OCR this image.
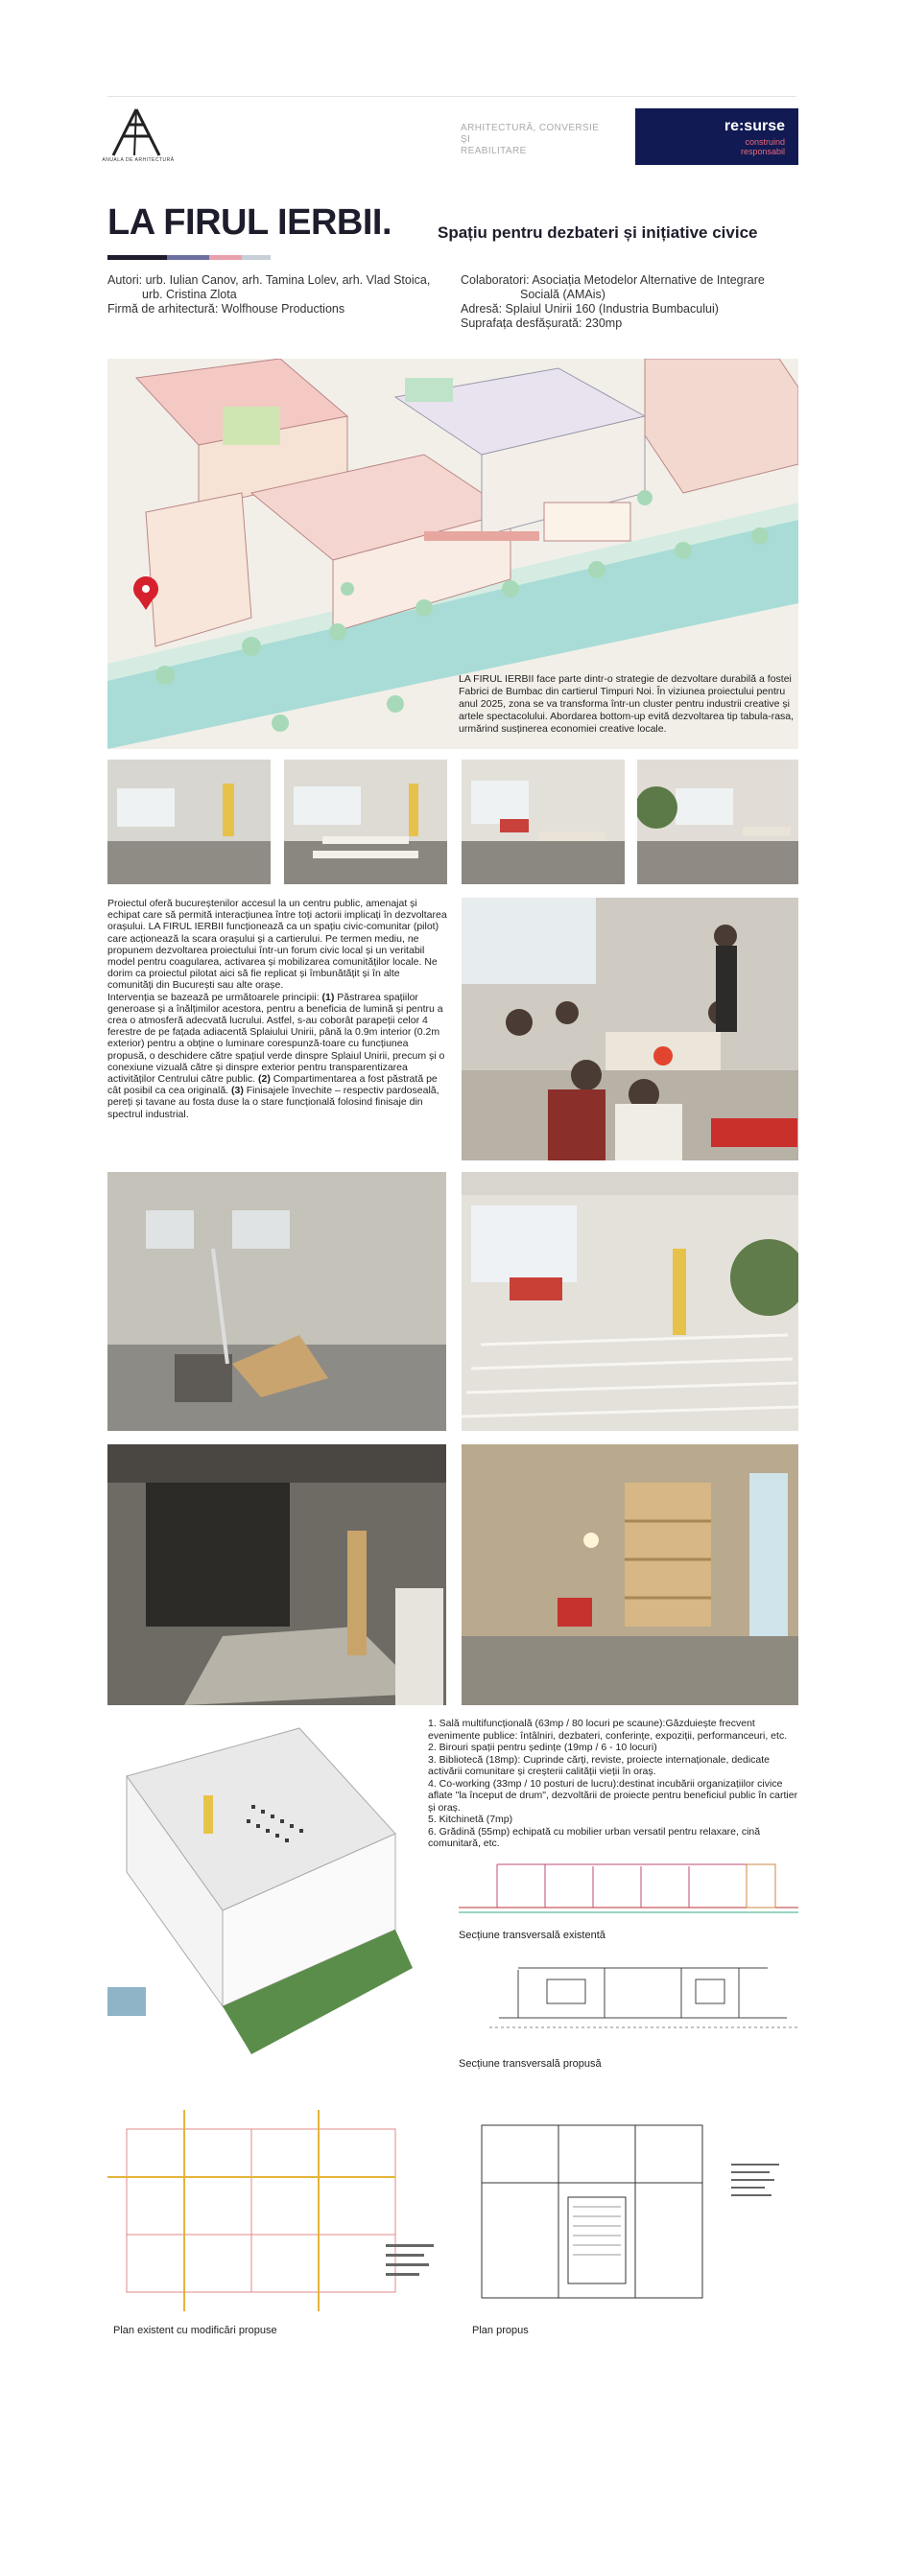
ANUALA DE ARHITECTURĂ
ARHITECTURĂ, CONVERSIE ȘI
REABILITARE
re:surse
construind
responsabil
LA FIRUL IERBII.	Spațiu pentru dezbateri și inițiative civice
Autori: urb. Iulian Canov, arh. Tamina Lolev, arh. Vlad Stoica,
urb. Cristina Zlota
Firmă de arhitectură: Wolfhouse Productions
Colaboratori: Asociația Metodelor Alternative de Integrare
Socială (AMAis)
Adresă: Splaiul Unirii 160 (Industria Bumbacului)
Suprafața desfășurată: 230mp
LA FIRUL IERBII face parte dintr-o strategie de dezvoltare durabilă a fostei Fabrici de Bumbac din cartierul Timpuri Noi. În viziunea proiectului pentru anul 2025, zona se va transforma într-un cluster pentru industrii creative și artele spectacolului. Abordarea bottom-up evită dezvoltarea tip tabula-rasa, urmărind susținerea economiei creative locale.

Proiectul oferă bucureștenilor accesul la un centru public, amenajat și echipat care să permită interacțiunea între toți actorii implicați în dezvoltarea orașului. LA FIRUL IERBII funcționează ca un spațiu civic-comunitar (pilot) care acționează la scara orașului și a cartierului. Pe termen mediu, ne propunem dezvoltarea proiectului într-un forum civic local și un veritabil model pentru coagularea, activarea și mobilizarea comunităților locale. Ne dorim ca proiectul pilotat aici să fie replicat și îmbunătățit și în alte comunități din București sau alte orașe.

Intervenția se bazează pe următoarele principii: (1) Păstrarea spațiilor generoase și a înălțimilor acestora, pentru a beneficia de lumină și pentru a crea o atmosferă adecvată lucrului. Astfel, s-au coborât parapeții celor 4 ferestre de pe fațada adiacentă Splaiului Unirii, până la 0.9m interior (0.2m exterior) pentru a obține o luminare corespunză-toare cu funcțiunea propusă, o deschidere către spațiul verde dinspre Splaiul Unirii, precum și o conexiune vizuală către și dinspre exterior pentru transparentizarea activităților Centrului către public. (2) Compartimentarea a fost păstrată pe cât posibil ca cea originală. (3) Finisajele învechite – respectiv pardoseală, pereți și tavane au fosta duse la o stare funcțională folosind finisaje din spectrul industrial.

1. Sală multifuncțională (63mp / 80 locuri pe scaune):Găzduiește frecvent evenimente publice: întâlniri, dezbateri, conferințe, expoziții, performanceuri, etc.

2. Birouri spații pentru ședințe (19mp / 6 - 10 locuri)

3. Bibliotecă (18mp): Cuprinde cărți, reviste, proiecte internaționale, dedicate activării comunitare și creșterii calității vieții în oraș.

4. Co-working (33mp / 10 posturi de lucru):destinat incubării organizațiilor civice aflate "la început de drum", dezvoltării de proiecte pentru beneficiul public în cartier și oraș.

5. Kitchinetă (7mp)

6. Grădină (55mp) echipată cu mobilier urban versatil pentru relaxare, cină comunitară, etc.

Secțiune transversală existentă
Secțiune transversală propusă
Plan existent cu modificări propuse	Plan propus
